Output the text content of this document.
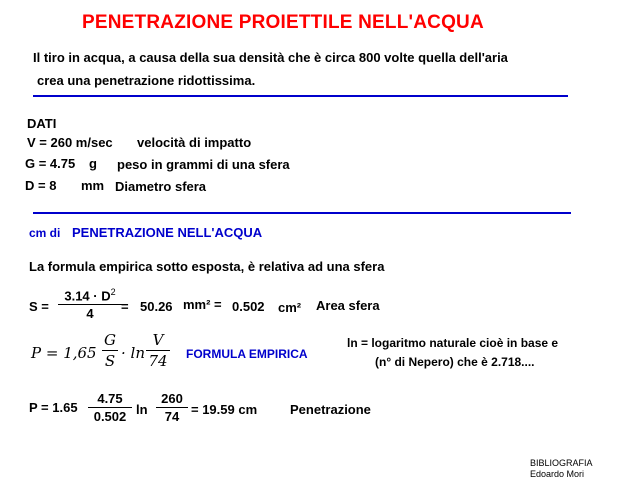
PENETRAZIONE PROIETTILE NELL'ACQUA
Il tiro in acqua, a causa della sua densità che è circa 800 volte quella dell'aria
crea una penetrazione ridottissima.
DATI
V = 260 m/sec velocità di impatto
G = 4.75 g peso in grammi di una sfera
D = 8 mm Diametro sfera
cm di PENETRAZIONE NELL'ACQUA
La formula empirica sotto esposta, è relativa ad una sfera
S =
$3.14 \cdot D^2$
4	= 50.26 mm² = 0.502 cm² Area sfera
P = 1,65
G
S · ln
V
74 FORMULA EMPIRICA
ln = logaritmo naturale cioè in base e
(n° di Nepero) che è 2.718....
P = 1.65
4.75
0.502 ln
260
74 = 19.59 cm	Penetrazione
BIBLIOGRAFIA
Edoardo Mori
